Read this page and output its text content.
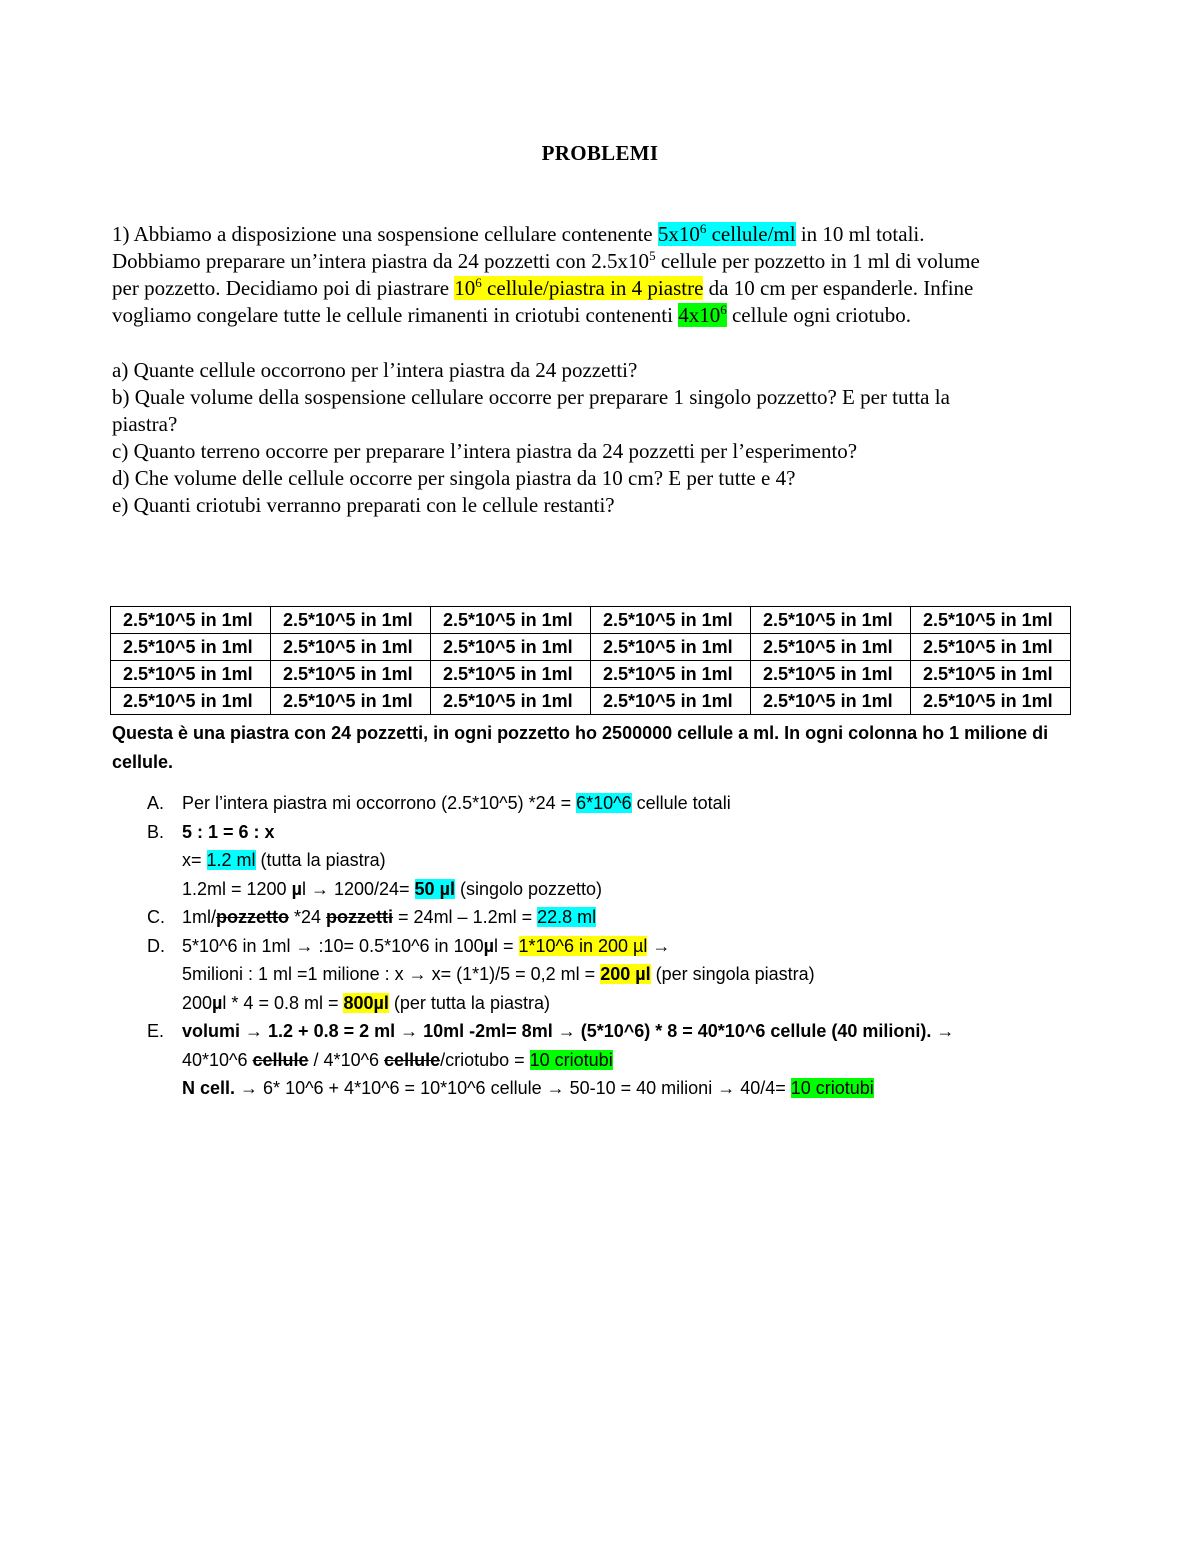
PROBLEMI
1) Abbiamo a disposizione una sospensione cellulare contenente $5x10^6$ cellule/ml in 10 ml totali.
Dobbiamo preparare un’intera piastra da 24 pozzetti con $2.5x10^5$ cellule per pozzetto in 1 ml di volume
per pozzetto. Decidiamo poi di piastrare $10^6$ cellule/piastra in 4 piastre da 10 cm per espanderle. Infine
vogliamo congelare tutte le cellule rimanenti in criotubi contenenti $4x10^6$ cellule ogni criotubo.
a) Quante cellule occorrono per l’intera piastra da 24 pozzetti?
b) Quale volume della sospensione cellulare occorre per preparare 1 singolo pozzetto? E per tutta la
piastra?
c) Quanto terreno occorre per preparare l’intera piastra da 24 pozzetti per l’esperimento?
d) Che volume delle cellule occorre per singola piastra da 10 cm? E per tutte e 4?
e) Quanti criotubi verranno preparati con le cellule restanti?
2.5*10^5 in 1ml	2.5*10^5 in 1ml	2.5*10^5 in 1ml	2.5*10^5 in 1ml	2.5*10^5 in 1ml	2.5*10^5 in 1ml
2.5*10^5 in 1ml	2.5*10^5 in 1ml	2.5*10^5 in 1ml	2.5*10^5 in 1ml	2.5*10^5 in 1ml	2.5*10^5 in 1ml
2.5*10^5 in 1ml	2.5*10^5 in 1ml	2.5*10^5 in 1ml	2.5*10^5 in 1ml	2.5*10^5 in 1ml	2.5*10^5 in 1ml
2.5*10^5 in 1ml	2.5*10^5 in 1ml	2.5*10^5 in 1ml	2.5*10^5 in 1ml	2.5*10^5 in 1ml	2.5*10^5 in 1ml
Questa è una piastra con 24 pozzetti, in ogni pozzetto ho 2500000 cellule a ml. In ogni colonna ho 1 milione di
cellule.
A. Per l’intera piastra mi occorrono (2.5*10^5) *24 = 6*10^6 cellule totali
B. 5 : 1 = 6 : x
x= 1.2 ml (tutta la piastra)
1.2ml = 1200 µl → 1200/24= 50 µl (singolo pozzetto)
C. 1ml/pozzetto *24 pozzetti = 24ml – 1.2ml = 22.8 ml
D. 5*10^6 in 1ml → :10= 0.5*10^6 in 100µl = 1*10^6 in 200 µl →
5milioni : 1 ml =1 milione : x → x= (1*1)/5 = 0,2 ml = 200 µl (per singola piastra)
200µl * 4 = 0.8 ml = 800µl (per tutta la piastra)
E. volumi → 1.2 + 0.8 = 2 ml → 10ml -2ml= 8ml → (5*10^6) * 8 = 40*10^6 cellule (40 milioni). →
40*10^6 cellule / 4*10^6 cellule/criotubo = 10 criotubi
N cell. → 6* 10^6 + 4*10^6 = 10*10^6 cellule → 50-10 = 40 milioni → 40/4= 10 criotubi
